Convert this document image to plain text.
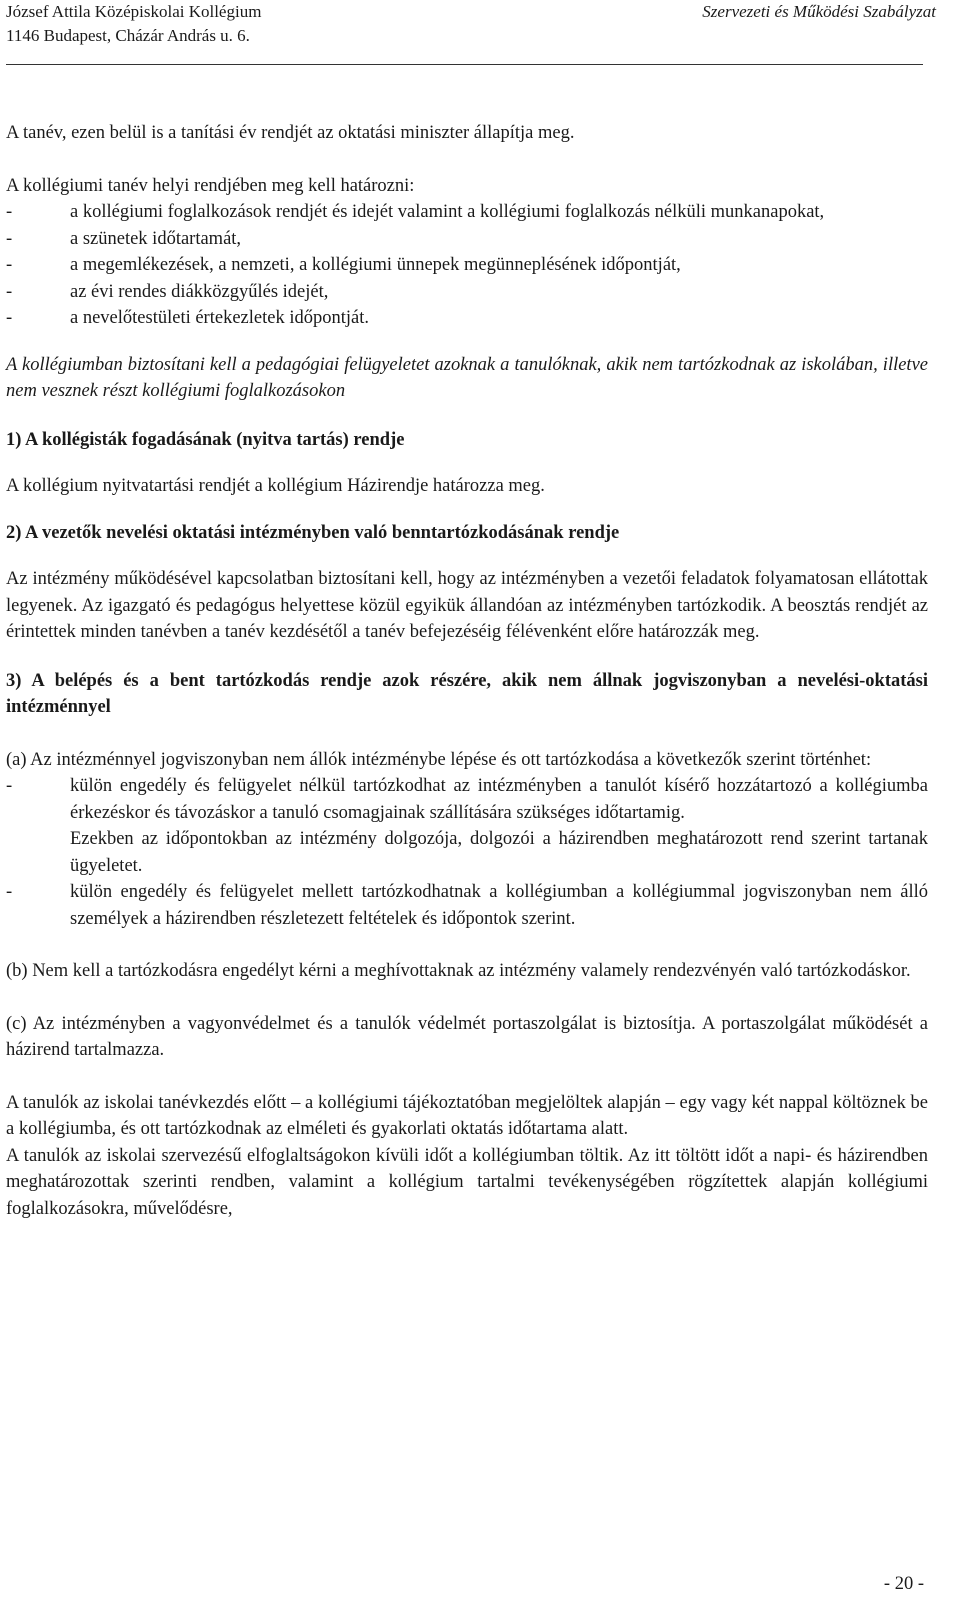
József Attila Középiskolai Kollégium
1146 Budapest, Cházár András u. 6.
Szervezeti és Működési Szabályzat

A tanév, ezen belül is a tanítási év rendjét az oktatási miniszter állapítja meg.

A kollégiumi tanév helyi rendjében meg kell határozni:

-	a kollégiumi foglalkozások rendjét és idejét valamint a kollégiumi foglalkozás nélküli munkanapokat,
-	a szünetek időtartamát,
-	a megemlékezések, a nemzeti, a kollégiumi ünnepek megünneplésének időpontját,
-	az évi rendes diákközgyűlés idejét,
-	a nevelőtestületi értekezletek időpontját.

A kollégiumban biztosítani kell a pedagógiai felügyeletet azoknak a tanulóknak, akik nem tartózkodnak az iskolában, illetve nem vesznek részt kollégiumi foglalkozásokon

1) A kollégisták fogadásának (nyitva tartás) rendje

A kollégium nyitvatartási rendjét a kollégium Házirendje határozza meg.

2) A vezetők nevelési oktatási intézményben való benntartózkodásának rendje

Az intézmény működésével kapcsolatban biztosítani kell, hogy az intézményben a vezetői feladatok folyamatosan ellátottak legyenek. Az igazgató és pedagógus helyettese közül egyikük állandóan az intézményben tartózkodik. A beosztás rendjét az érintettek minden tanévben a tanév kezdésétől a tanév befejezéséig félévenként előre határozzák meg.

3) A belépés és a bent tartózkodás rendje azok részére, akik nem állnak jogviszonyban a nevelési-oktatási intézménnyel

(a) Az intézménnyel jogviszonyban nem állók intézménybe lépése és ott tartózkodása a következők szerint történhet:

-	külön engedély és felügyelet nélkül tartózkodhat az intézményben a tanulót kísérő hozzátartozó a kollégiumba érkezéskor és távozáskor a tanuló csomagjainak szállítására szükséges időtartamig.

Ezekben az időpontokban az intézmény dolgozója, dolgozói a házirendben meghatározott rend szerint tartanak ügyeletet.

-	külön engedély és felügyelet mellett tartózkodhatnak a kollégiumban a kollégiummal jogviszonyban nem álló személyek a házirendben részletezett feltételek és időpontok szerint.

(b) Nem kell a tartózkodásra engedélyt kérni a meghívottaknak az intézmény valamely rendezvényén való tartózkodáskor.

(c) Az intézményben a vagyonvédelmet és a tanulók védelmét portaszolgálat is biztosítja. A portaszolgálat működését a házirend tartalmazza.

A tanulók az iskolai tanévkezdés előtt – a kollégiumi tájékoztatóban megjelöltek alapján – egy vagy két nappal költöznek be a kollégiumba, és ott tartózkodnak az elméleti és gyakorlati oktatás időtartama alatt.

A tanulók az iskolai szervezésű elfoglaltságokon kívüli időt a kollégiumban töltik. Az itt töltött időt a napi- és házirendben meghatározottak szerinti rendben, valamint a kollégium tartalmi tevékenységében rögzítettek alapján kollégiumi foglalkozásokra, művelődésre,

- 20 -
